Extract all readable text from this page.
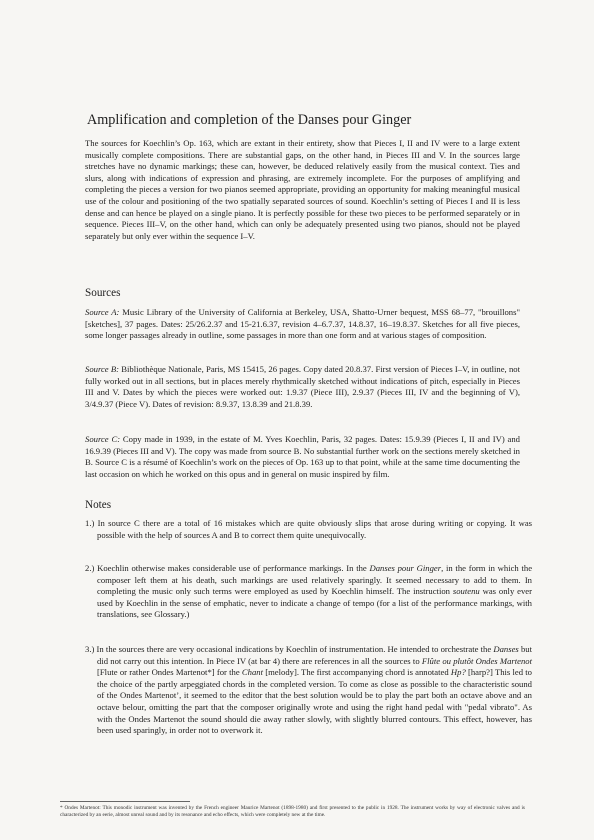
Amplification and completion of the Danses pour Ginger

The sources for Koechlin’s Op. 163, which are extant in their entirety, show that Pieces I, II and IV were to a large extent musically complete compositions. There are substantial gaps, on the other hand, in Pieces III and V. In the sources large stretches have no dynamic markings; these can, however, be deduced relatively easily from the musical context. Ties and slurs, along with indications of expression and phrasing, are extremely incomplete. For the purposes of amplifying and completing the pieces a version for two pianos seemed appropriate, providing an opportunity for making meaningful musical use of the colour and positioning of the two spatially separated sources of sound. Koechlin’s setting of Pieces I and II is less dense and can hence be played on a single piano. It is perfectly possible for these two pieces to be performed separately or in sequence. Pieces III–V, on the other hand, which can only be adequately presented using two pianos, should not be played separately but only ever within the sequence I–V.

Sources

Source A: Music Library of the University of California at Berkeley, USA, Shatto-Urner bequest, MSS 68–77, "brouillons" [sketches], 37 pages. Dates: 25/26.2.37 and 15-21.6.37, revision 4–6.7.37, 14.8.37, 16–19.8.37. Sketches for all five pieces, some longer passages already in outline, some passages in more than one form and at various stages of composition.

Source B: Bibliothèque Nationale, Paris, MS 15415, 26 pages. Copy dated 20.8.37. First version of Pieces I–V, in outline, not fully worked out in all sections, but in places merely rhythmically sketched without indications of pitch, especially in Pieces III and V. Dates by which the pieces were worked out: 1.9.37 (Piece III), 2.9.37 (Pieces III, IV and the beginning of V), 3/4.9.37 (Piece V). Dates of revision: 8.9.37, 13.8.39 and 21.8.39.

Source C: Copy made in 1939, in the estate of M. Yves Koechlin, Paris, 32 pages. Dates: 15.9.39 (Pieces I, II and IV) and 16.9.39 (Pieces III and V). The copy was made from source B. No substantial further work on the sections merely sketched in B. Source C is a résumé of Koechlin’s work on the pieces of Op. 163 up to that point, while at the same time documenting the last occasion on which he worked on this opus and in general on music inspired by film.

Notes

1.) In source C there are a total of 16 mistakes which are quite obviously slips that arose during writing or copying. It was possible with the help of sources A and B to correct them quite unequivocally.

2.) Koechlin otherwise makes considerable use of performance markings. In the Danses pour Ginger, in the form in which the composer left them at his death, such markings are used relatively sparingly. It seemed necessary to add to them. In completing the music only such terms were employed as used by Koechlin himself. The instruction soutenu was only ever used by Koechlin in the sense of emphatic, never to indicate a change of tempo (for a list of the performance markings, with translations, see Glossary.)

3.) In the sources there are very occasional indications by Koechlin of instrumentation. He intended to orchestrate the Danses but did not carry out this intention. In Piece IV (at bar 4) there are references in all the sources to Flûte ou plutôt Ondes Martenot [Flute or rather Ondes Martenot*] for the Chant [melody]. The first accompanying chord is annotated Hp? [harp?] This led to the choice of the partly arpeggiated chords in the completed version. To come as close as possible to the characteristic sound of the Ondes Martenot’, it seemed to the editor that the best solution would be to play the part both an octave above and an octave belour, omitting the part that the composer originally wrote and using the right hand pedal with "pedal vibrato". As with the Ondes Martenot the sound should die away rather slowly, with slightly blurred contours. This effect, however, has been used sparingly, in order not to overwork it.

* Ondes Martenot: This monodic instrument was invented by the French engineer Maurice Martenot (1898-1980) and first presented to the public in 1928. The instrument works by way of electronic valves and is characterized by an eerie, almost unreal sound and by its resonance and echo effects, which were completely new at the time.
